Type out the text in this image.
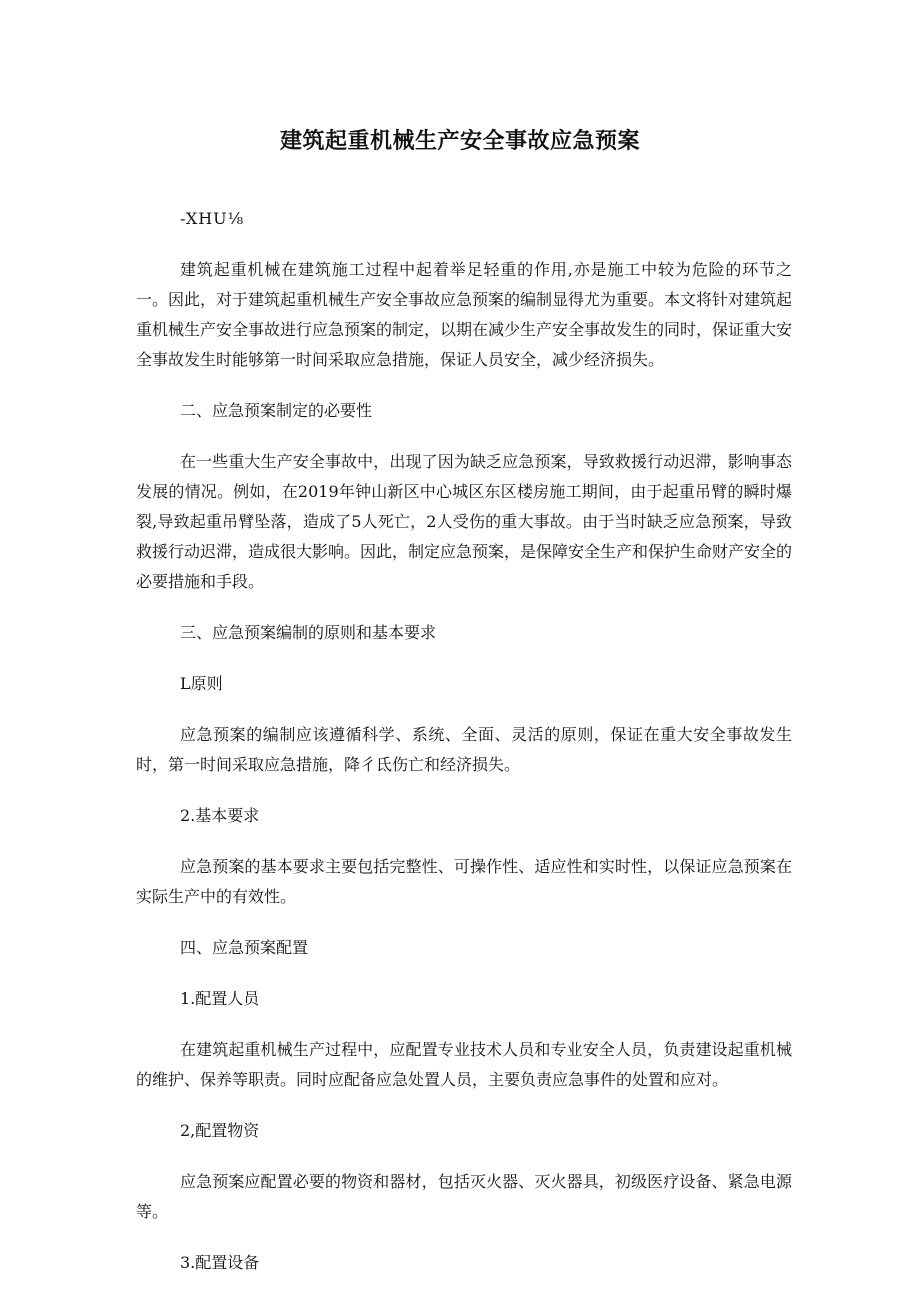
建筑起重机械生产安全事故应急预案
-XHU⅛

建筑起重机械在建筑施工过程中起着举足轻重的作用,亦是施工中较为危险的环节之一。因此，对于建筑起重机械生产安全事故应急预案的编制显得尤为重要。本文将针对建筑起重机械生产安全事故进行应急预案的制定，以期在减少生产安全事故发生的同时，保证重大安全事故发生时能够第一时间采取应急措施，保证人员安全，减少经济损失。

二、应急预案制定的必要性

在一些重大生产安全事故中，出现了因为缺乏应急预案，导致救援行动迟滞，影响事态发展的情况。例如，在2019年钟山新区中心城区东区楼房施工期间，由于起重吊臂的瞬时爆裂,导致起重吊臂坠落，造成了5人死亡，2人受伤的重大事故。由于当时缺乏应急预案，导致救援行动迟滞，造成很大影响。因此，制定应急预案，是保障安全生产和保护生命财产安全的必要措施和手段。

三、应急预案编制的原则和基本要求
L原则

应急预案的编制应该遵循科学、系统、全面、灵活的原则，保证在重大安全事故发生时，第一时间采取应急措施，降彳氐伤亡和经济损失。

2.基本要求

应急预案的基本要求主要包括完整性、可操作性、适应性和实时性，以保证应急预案在实际生产中的有效性。

四、应急预案配置
1.配置人员

在建筑起重机械生产过程中，应配置专业技术人员和专业安全人员，负责建设起重机械的维护、保养等职责。同时应配备应急处置人员，主要负责应急事件的处置和应对。

2,配置物资

应急预案应配置必要的物资和器材，包括灭火器、灭火器具，初级医疗设备、紧急电源等。

3.配置设备
